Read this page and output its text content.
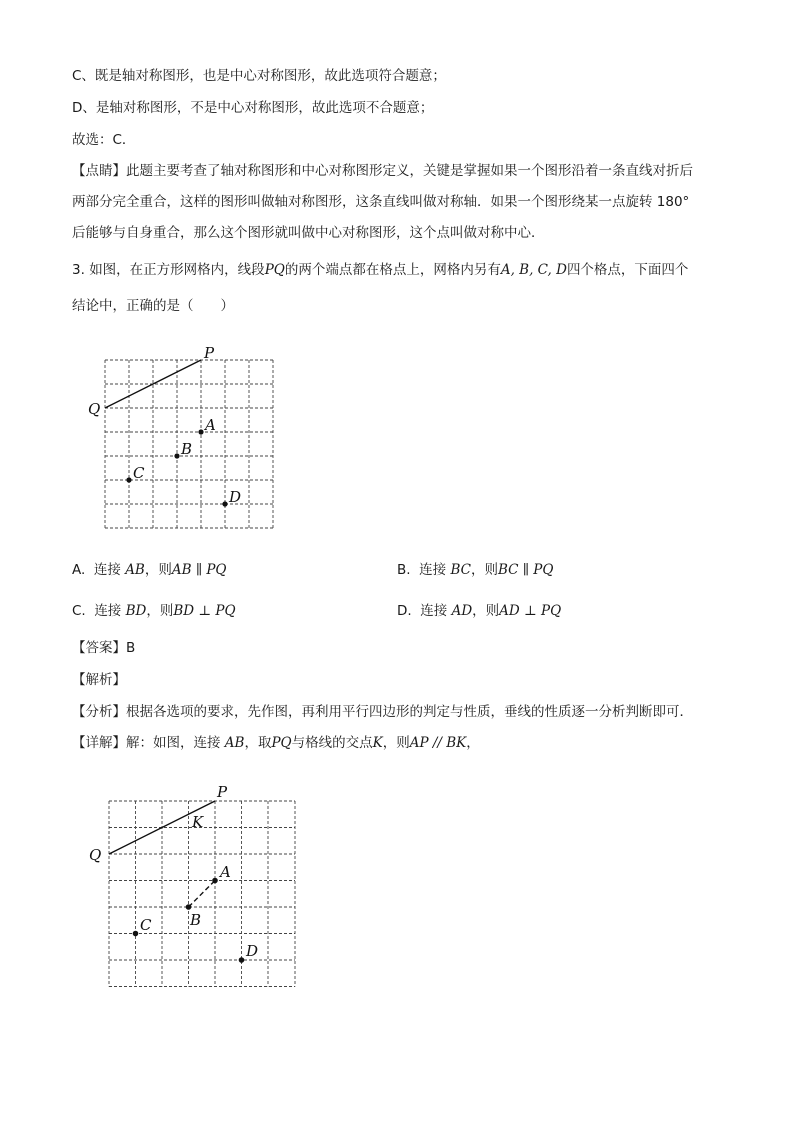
C、既是轴对称图形，也是中心对称图形，故此选项符合题意；
D、是轴对称图形，不是中心对称图形，故此选项不合题意；
故选：C．
【点睛】此题主要考查了轴对称图形和中心对称图形定义，关键是掌握如果一个图形沿着一条直线对折后
两部分完全重合，这样的图形叫做轴对称图形，这条直线叫做对称轴．如果一个图形绕某一点旋转 180°
后能够与自身重合，那么这个图形就叫做中心对称图形，这个点叫做对称中心．
3. 如图，在正方形网格内，线段PQ的两个端点都在格点上，网格内另有A, B, C, D四个格点，下面四个
结论中，正确的是（　　）
P
Q
A
B
C
D
A. 连接 AB，则AB ∥ PQ	B. 连接 BC，则BC ∥ PQ
C. 连接 BD，则BD ⊥ PQ	D. 连接 AD，则AD ⊥ PQ
【答案】B
【解析】
【分析】根据各选项的要求，先作图，再利用平行四边形的判定与性质，垂线的性质逐一分析判断即可．
【详解】解：如图，连接 AB，取PQ与格线的交点K，则AP // BK，
P
Q
K
A
B
C
D
